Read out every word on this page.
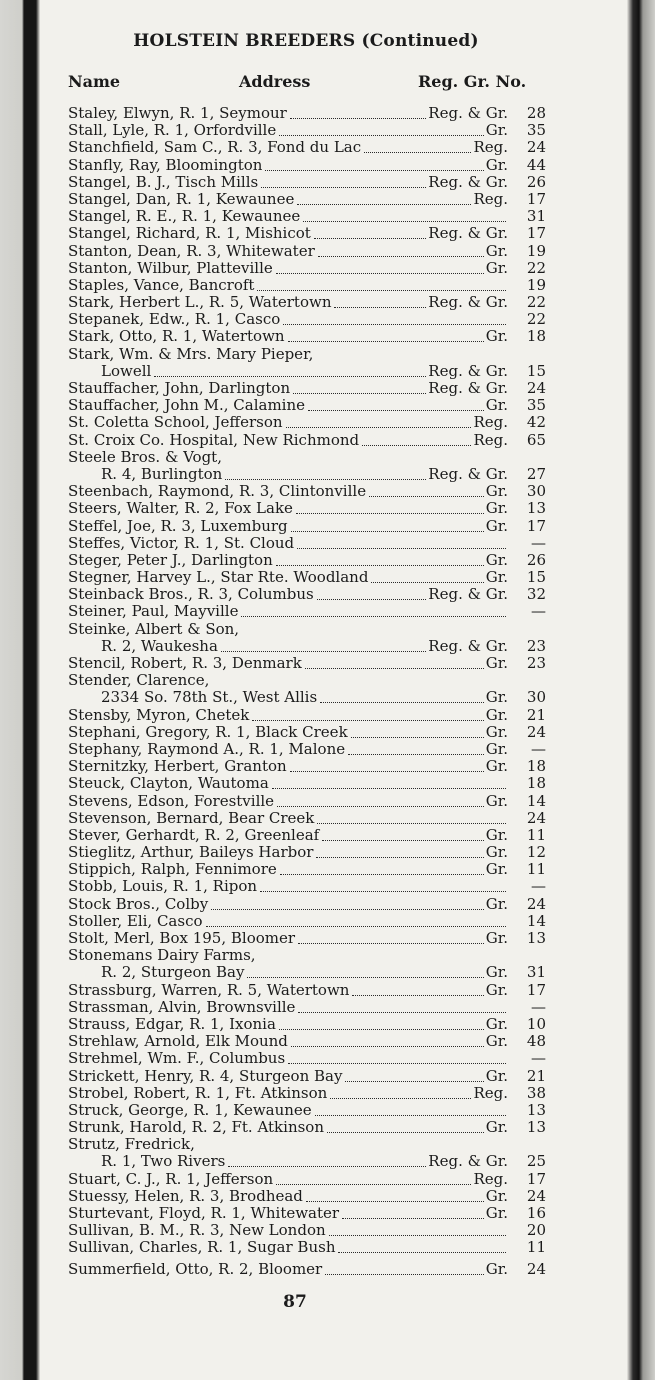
HOLSTEIN BREEDERS (Continued)
Name	Address	Reg. Gr. No.
Staley, Elwyn, R. 1, Seymour	Reg. & Gr.	28
Stall, Lyle, R. 1, Orfordville	Gr.	35
Stanchfield, Sam C., R. 3, Fond du Lac	Reg.	24
Stanfly, Ray, Bloomington	Gr.	44
Stangel, B. J., Tisch Mills	Reg. & Gr.	26
Stangel, Dan, R. 1, Kewaunee	Reg.	17
Stangel, R. E., R. 1, Kewaunee	31
Stangel, Richard, R. 1, Mishicot	Reg. & Gr.	17
Stanton, Dean, R. 3, Whitewater	Gr.	19
Stanton, Wilbur, Platteville	Gr.	22
Staples, Vance, Bancroft	19
Stark, Herbert L., R. 5, Watertown	Reg. & Gr.	22
Stepanek, Edw., R. 1, Casco	22
Stark, Otto, R. 1, Watertown	Gr.	18
Stark, Wm. & Mrs. Mary Pieper,
Lowell	Reg. & Gr.	15
Stauffacher, John, Darlington	Reg. & Gr.	24
Stauffacher, John M., Calamine	Gr.	35
St. Coletta School, Jefferson	Reg.	42
St. Croix Co. Hospital, New Richmond	Reg.	65
Steele Bros. & Vogt,
R. 4, Burlington	Reg. & Gr.	27
Steenbach, Raymond, R. 3, Clintonville	Gr.	30
Steers, Walter, R. 2, Fox Lake	Gr.	13
Steffel, Joe, R. 3, Luxemburg	Gr.	17
Steffes, Victor, R. 1, St. Cloud	—
Steger, Peter J., Darlington	Gr.	26
Stegner, Harvey L., Star Rte. Woodland	Gr.	15
Steinback Bros., R. 3, Columbus	Reg. & Gr.	32
Steiner, Paul, Mayville	—
Steinke, Albert & Son,
R. 2, Waukesha	Reg. & Gr.	23
Stencil, Robert, R. 3, Denmark	Gr.	23
Stender, Clarence,
2334 So. 78th St., West Allis	Gr.	30
Stensby, Myron, Chetek	Gr.	21
Stephani, Gregory, R. 1, Black Creek	Gr.	24
Stephany, Raymond A., R. 1, Malone	Gr.	—
Sternitzky, Herbert, Granton	Gr.	18
Steuck, Clayton, Wautoma	18
Stevens, Edson, Forestville	Gr.	14
Stevenson, Bernard, Bear Creek	24
Stever, Gerhardt, R. 2, Greenleaf	Gr.	11
Stieglitz, Arthur, Baileys Harbor	Gr.	12
Stippich, Ralph, Fennimore	Gr.	11
Stobb, Louis, R. 1, Ripon	—
Stock Bros., Colby	Gr.	24
Stoller, Eli, Casco	14
Stolt, Merl, Box 195, Bloomer	Gr.	13
Stonemans Dairy Farms,
R. 2, Sturgeon Bay	Gr.	31
Strassburg, Warren, R. 5, Watertown	Gr.	17
Strassman, Alvin, Brownsville	—
Strauss, Edgar, R. 1, Ixonia	Gr.	10
Strehlaw, Arnold, Elk Mound	Gr.	48
Strehmel, Wm. F., Columbus	—
Strickett, Henry, R. 4, Sturgeon Bay	Gr.	21
Strobel, Robert, R. 1, Ft. Atkinson	Reg.	38
Struck, George, R. 1, Kewaunee	13
Strunk, Harold, R. 2, Ft. Atkinson	Gr.	13
Strutz, Fredrick,
R. 1, Two Rivers	Reg. & Gr.	25
Stuart, C. J., R. 1, Jefferson	Reg.	17
Stuessy, Helen, R. 3, Brodhead	Gr.	24
Sturtevant, Floyd, R. 1, Whitewater	Gr.	16
Sullivan, B. M., R. 3, New London	20
Sullivan, Charles, R. 1, Sugar Bush	11
Summerfield, Otto, R. 2, Bloomer	Gr.	24
87
